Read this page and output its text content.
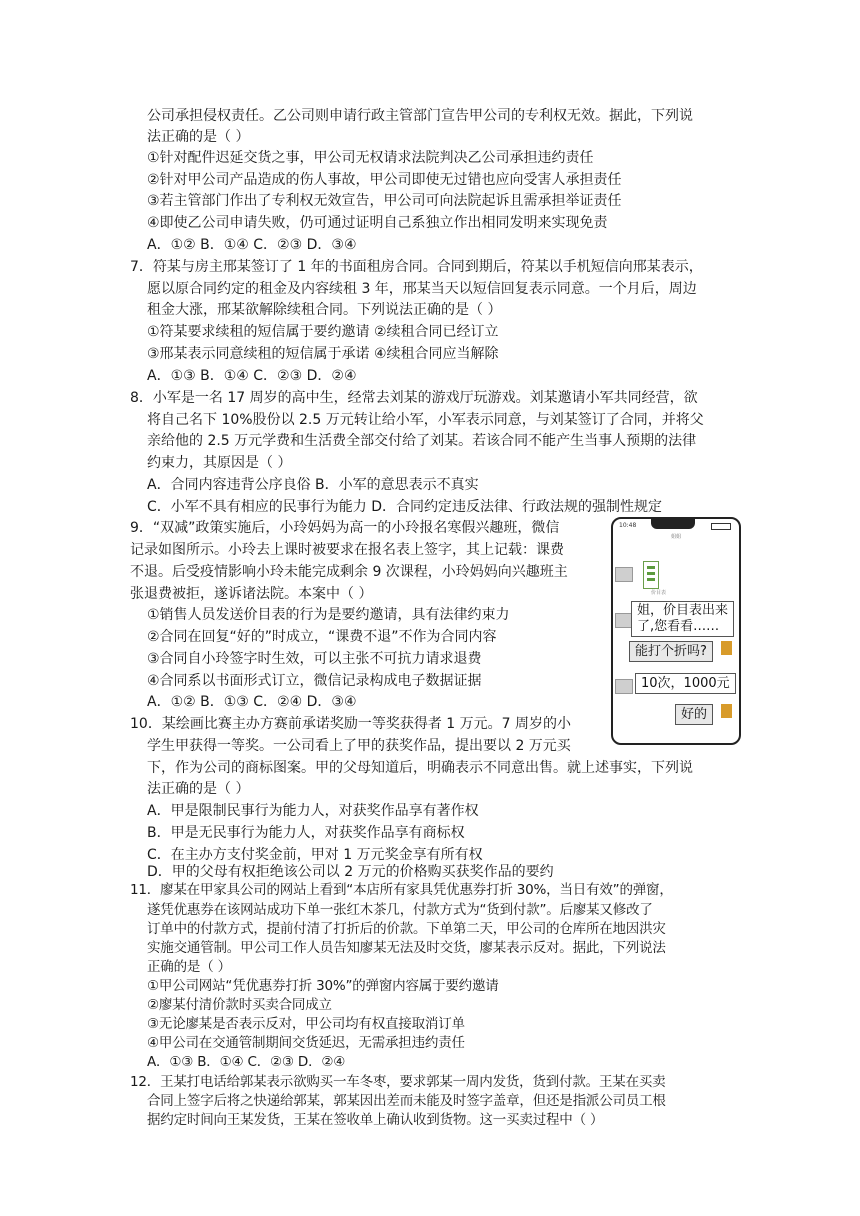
公司承担侵权责任。乙公司则申请行政主管部门宣告甲公司的专利权无效。据此，下列说
法正确的是（ ）
①针对配件迟延交货之事，甲公司无权请求法院判决乙公司承担违约责任
②针对甲公司产品造成的伤人事故，甲公司即使无过错也应向受害人承担责任
③若主管部门作出了专利权无效宣告，甲公司可向法院起诉且需承担举证责任
④即使乙公司申请失败，仍可通过证明自己系独立作出相同发明来实现免责
A．①② B．①④ C．②③ D．③④
7．符某与房主邢某签订了 1 年的书面租房合同。合同到期后，符某以手机短信向邢某表示，
愿以原合同约定的租金及内容续租 3 年，邢某当天以短信回复表示同意。一个月后，周边
租金大涨，邢某欲解除续租合同。下列说法正确的是（ ）
①符某要求续租的短信属于要约邀请 ②续租合同已经订立
③邢某表示同意续租的短信属于承诺 ④续租合同应当解除
A．①③ B．①④ C．②③ D．②④
8．小军是一名 17 周岁的高中生，经常去刘某的游戏厅玩游戏。刘某邀请小军共同经营，欲
将自己名下 10%股份以 2.5 万元转让给小军，小军表示同意，与刘某签订了合同，并将父
亲给他的 2.5 万元学费和生活费全部交付给了刘某。若该合同不能产生当事人预期的法律
约束力，其原因是（ ）
A．合同内容违背公序良俗 B．小军的意思表示不真实
C．小军不具有相应的民事行为能力 D．合同约定违反法律、行政法规的强制性规定
9．“双减”政策实施后，小玲妈妈为高一的小玲报名寒假兴趣班，微信
记录如图所示。小玲去上课时被要求在报名表上签字，其上记载：课费
不退。后受疫情影响小玲未能完成剩余 9 次课程，小玲妈妈向兴趣班主
张退费被拒，遂诉诸法院。本案中（ ）
①销售人员发送价目表的行为是要约邀请，具有法律约束力
②合同在回复“好的”时成立，“课费不退”不作为合同内容
③合同自小玲签字时生效，可以主张不可抗力请求退费
④合同系以书面形式订立，微信记录构成电子数据证据
A．①② B．①③ C．②④ D．③④
10:48
姐姐
价目表
姐，价目表出来
了,您看看……
能打个折吗?
10次，1000元
好的
10．某绘画比赛主办方赛前承诺奖励一等奖获得者 1 万元。7 周岁的小
学生甲获得一等奖。一公司看上了甲的获奖作品，提出要以 2 万元买
下，作为公司的商标图案。甲的父母知道后，明确表示不同意出售。就上述事实，下列说
法正确的是（ ）
A．甲是限制民事行为能力人，对获奖作品享有著作权
B．甲是无民事行为能力人，对获奖作品享有商标权
C．在主办方支付奖金前，甲对 1 万元奖金享有所有权
D．甲的父母有权拒绝该公司以 2 万元的价格购买获奖作品的要约
11．廖某在甲家具公司的网站上看到“本店所有家具凭优惠券打折 30%，当日有效”的弹窗，
遂凭优惠券在该网站成功下单一张红木茶几，付款方式为“货到付款”。后廖某又修改了
订单中的付款方式，提前付清了打折后的价款。下单第二天，甲公司的仓库所在地因洪灾
实施交通管制。甲公司工作人员告知廖某无法及时交货，廖某表示反对。据此，下列说法
正确的是（ ）
①甲公司网站“凭优惠券打折 30%”的弹窗内容属于要约邀请
②廖某付清价款时买卖合同成立
③无论廖某是否表示反对，甲公司均有权直接取消订单
④甲公司在交通管制期间交货延迟，无需承担违约责任
A．①③ B．①④ C．②③ D．②④
12．王某打电话给郭某表示欲购买一车冬枣，要求郭某一周内发货，货到付款。王某在买卖
合同上签字后将之快递给郭某，郭某因出差而未能及时签字盖章，但还是指派公司员工根
据约定时间向王某发货，王某在签收单上确认收到货物。这一买卖过程中（ ）
